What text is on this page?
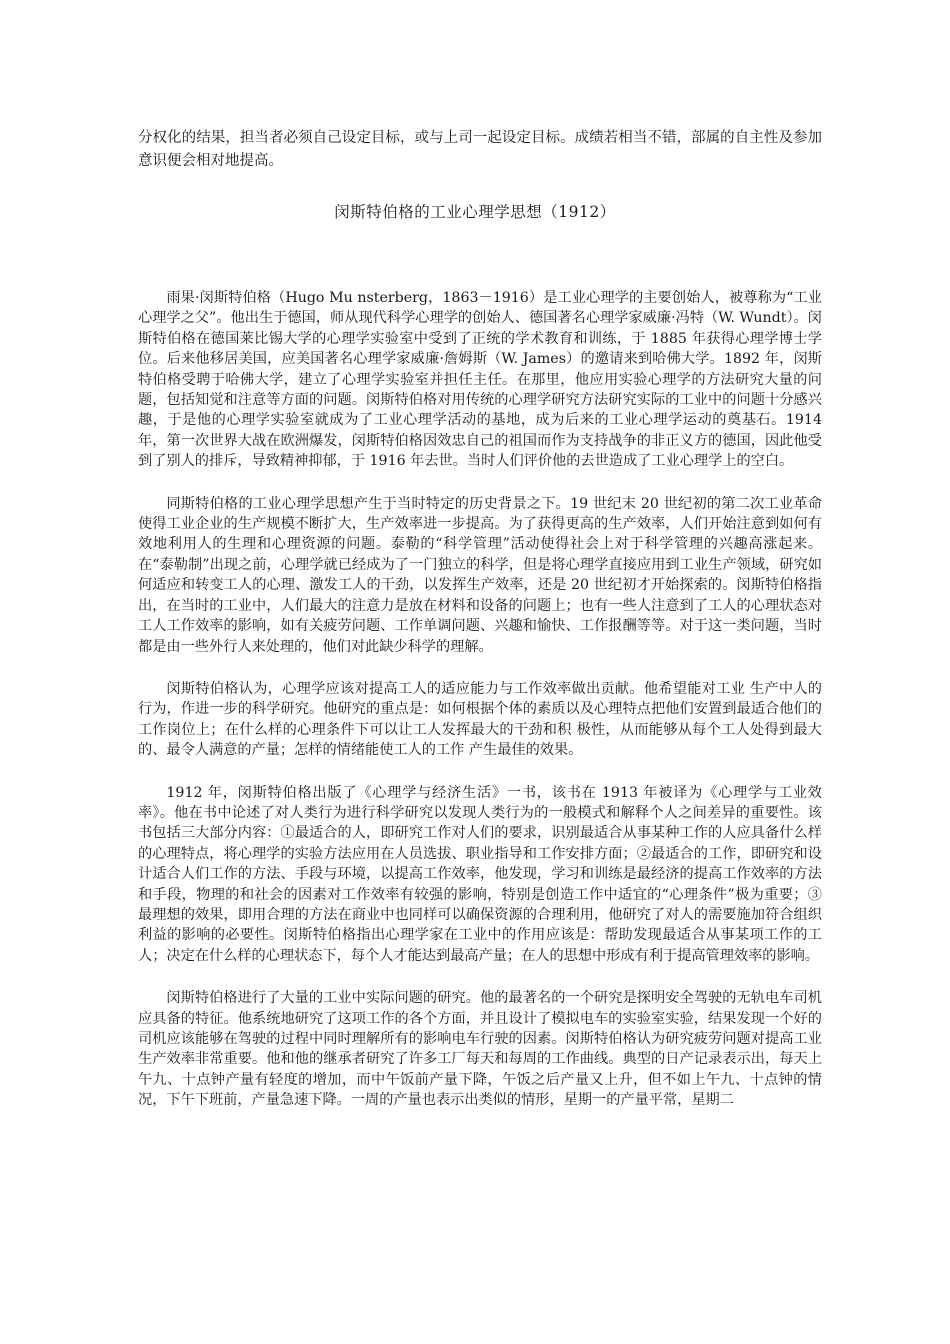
分权化的结果，担当者必须自己设定目标，或与上司一起设定目标。成绩若相当不错，部属的自主性及参加意识便会相对地提高。

闵斯特伯格的工业心理学思想（1912）

雨果·闵斯特伯格（Hugo Mu nsterberg，1863－1916）是工业心理学的主要创始人，被尊称为“工业心理学之父”。他出生于德国，师从现代科学心理学的创始人、德国著名心理学家威廉·冯特（W. Wundt）。闵斯特伯格在德国莱比锡大学的心理学实验室中受到了正统的学术教育和训练，于 1885 年获得心理学博士学位。后来他移居美国，应美国著名心理学家威廉·詹姆斯（W. James）的邀请来到哈佛大学。1892 年，闵斯特伯格受聘于哈佛大学，建立了心理学实验室并担任主任。在那里，他应用实验心理学的方法研究大量的问题，包括知觉和注意等方面的问题。闵斯特伯格对用传统的心理学研究方法研究实际的工业中的问题十分感兴趣，于是他的心理学实验室就成为了工业心理学活动的基地，成为后来的工业心理学运动的奠基石。1914 年，第一次世界大战在欧洲爆发，闵斯特伯格因效忠自己的祖国而作为支持战争的非正义方的德国，因此他受到了别人的排斥，导致精神抑郁，于 1916 年去世。当时人们评价他的去世造成了工业心理学上的空白。

同斯特伯格的工业心理学思想产生于当时特定的历史背景之下。19 世纪末 20 世纪初的第二次工业革命使得工业企业的生产规模不断扩大，生产效率进一步提高。为了获得更高的生产效率，人们开始注意到如何有效地利用人的生理和心理资源的问题。泰勒的“科学管理”活动使得社会上对于科学管理的兴趣高涨起来。在“泰勒制”出现之前，心理学就已经成为了一门独立的科学，但是将心理学直接应用到工业生产领域，研究如何适应和转变工人的心理、激发工人的干劲，以发挥生产效率，还是 20 世纪初才开始探索的。闵斯特伯格指出，在当时的工业中，人们最大的注意力是放在材料和设备的问题上；也有一些人注意到了工人的心理状态对工人工作效率的影响，如有关疲劳问题、工作单调问题、兴趣和愉快、工作报酬等等。对于这一类问题，当时都是由一些外行人来处理的，他们对此缺少科学的理解。

闵斯特伯格认为，心理学应该对提高工人的适应能力与工作效率做出贡献。他希望能对工业 生产中人的行为，作进一步的科学研究。他研究的重点是：如何根据个体的素质以及心理特点把他们安置到最适合他们的工作岗位上；在什么样的心理条件下可以让工人发挥最大的干劲和积 极性，从而能够从每个工人处得到最大的、最令人满意的产量；怎样的情绪能使工人的工作 产生最佳的效果。

1912 年，闵斯特伯格出版了《心理学与经济生活》一书，该书在 1913 年被译为《心理学与工业效率》。他在书中论述了对人类行为进行科学研究以发现人类行为的一般模式和解释个人之间差异的重要性。该书包括三大部分内容：①最适合的人，即研究工作对人们的要求，识别最适合从事某种工作的人应具备什么样的心理特点，将心理学的实验方法应用在人员选拔、职业指导和工作安排方面；②最适合的工作，即研究和设计适合人们工作的方法、手段与环境，以提高工作效率，他发现，学习和训练是最经济的提高工作效率的方法和手段，物理的和社会的因素对工作效率有较强的影响，特别是创造工作中适宜的“心理条件”极为重要；③ 最理想的效果，即用合理的方法在商业中也同样可以确保资源的合理利用，他研究了对人的需要施加符合组织利益的影响的必要性。闵斯特伯格指出心理学家在工业中的作用应该是：帮助发现最适合从事某项工作的工人；决定在什么样的心理状态下，每个人才能达到最高产量；在人的思想中形成有利于提高管理效率的影响。

闵斯特伯格进行了大量的工业中实际问题的研究。他的最著名的一个研究是探明安全驾驶的无轨电车司机应具备的特征。他系统地研究了这项工作的各个方面，并且设计了模拟电车的实验室实验，结果发现一个好的司机应该能够在驾驶的过程中同时理解所有的影响电车行驶的因素。闵斯特伯格认为研究疲劳问题对提高工业生产效率非常重要。他和他的继承者研究了许多工厂每天和每周的工作曲线。典型的日产记录表示出，每天上午九、十点钟产量有轻度的增加，而中午饭前产量下降，午饭之后产量又上升，但不如上午九、十点钟的情况，下午下班前，产量急速下降。一周的产量也表示出类似的情形，星期一的产量平常，星期二
